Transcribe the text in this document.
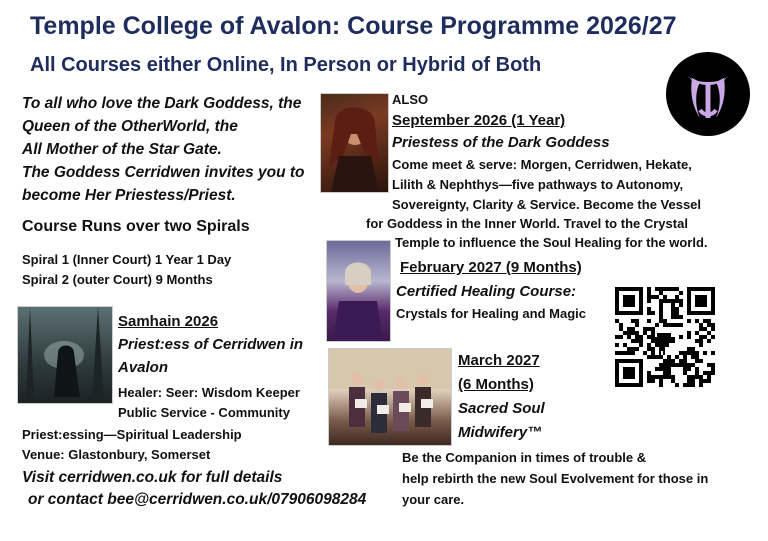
Temple College of Avalon: Course Programme 2026/27
All Courses either Online, In Person or Hybrid of Both
To all who love the Dark Goddess, the
Queen of the OtherWorld, the
All Mother of the Star Gate.
The Goddess Cerridwen invites you to
become Her Priestess/Priest.
Course Runs over two Spirals
Spiral 1 (Inner Court) 1 Year 1 Day
Spiral 2 (outer Court) 9 Months
ALSO
September 2026 (1 Year)
Priestess of the Dark Goddess
Come meet & serve: Morgen, Cerridwen, Hekate,
Lilith & Nephthys—five pathways to Autonomy,
Sovereignty, Clarity & Service. Become the Vessel
for Goddess in the Inner World. Travel to the Crystal
Temple to influence the Soul Healing for the world.
February 2027 (9 Months)
Certified Healing Course:
Crystals for Healing and Magic
Samhain 2026
Priest:ess of Cerridwen in
Avalon
Healer: Seer: Wisdom Keeper
Public Service - Community
Priest:essing—Spiritual Leadership
Venue: Glastonbury, Somerset
Visit cerridwen.co.uk for full details
or contact bee@cerridwen.co.uk/07906098284
March 2027
(6 Months)
Sacred Soul
Midwifery™
Be the Companion in times of trouble &
help rebirth the new Soul Evolvement for those in
your care.
